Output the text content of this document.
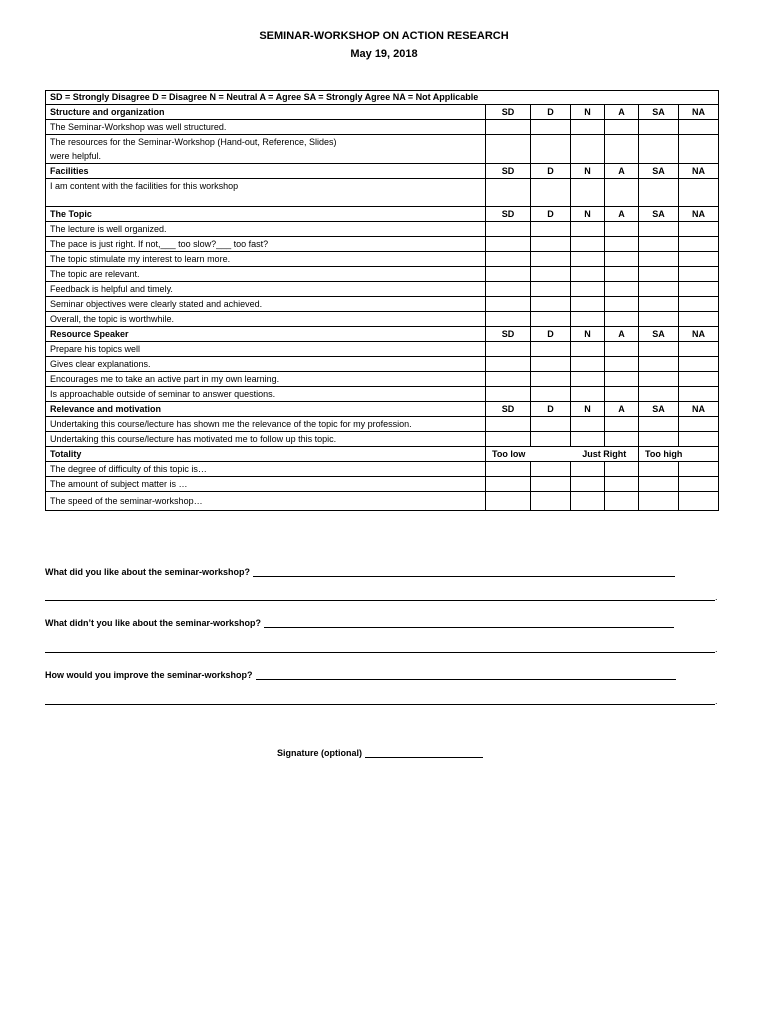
SEMINAR-WORKSHOP ON ACTION RESEARCH
May 19, 2018
SD = Strongly Disagree D = Disagree N = Neutral A = Agree SA = Strongly Agree NA = Not Applicable						
Structure and organization	SD	D	N	A	SA	NA
The Seminar-Workshop was well structured.						
The resources for the Seminar-Workshop (Hand-out, Reference, Slides)
were helpful.						
Facilities	SD	D	N	A	SA	NA
I am content with the facilities for this workshop						
The Topic	SD	D	N	A	SA	NA
The lecture is well organized.						
The pace is just right. If not,___ too slow?___ too fast?						
The topic stimulate my interest to learn more.						
The topic are relevant.						
Feedback is helpful and timely.						
Seminar objectives were clearly stated and achieved.						
Overall, the topic is worthwhile.						
Resource Speaker	SD	D	N	A	SA	NA
Prepare his topics well						
Gives clear explanations.						
Encourages me to take an active part in my own learning.						
Is approachable outside of seminar to answer questions.						
Relevance and motivation	SD	D	N	A	SA	NA
Undertaking this course/lecture has shown me the relevance of the topic for my profession.						
Undertaking this course/lecture has motivated me to follow up this topic.						
Totality	Too low		Just Right		Too high	
The degree of difficulty of this topic is…						
The amount of subject matter is …						
The speed of the seminar-workshop…						
What did you like about the seminar-workshop?
.
What didn’t you like about the seminar-workshop?
.
How would you improve the seminar-workshop?
.
Signature (optional)
